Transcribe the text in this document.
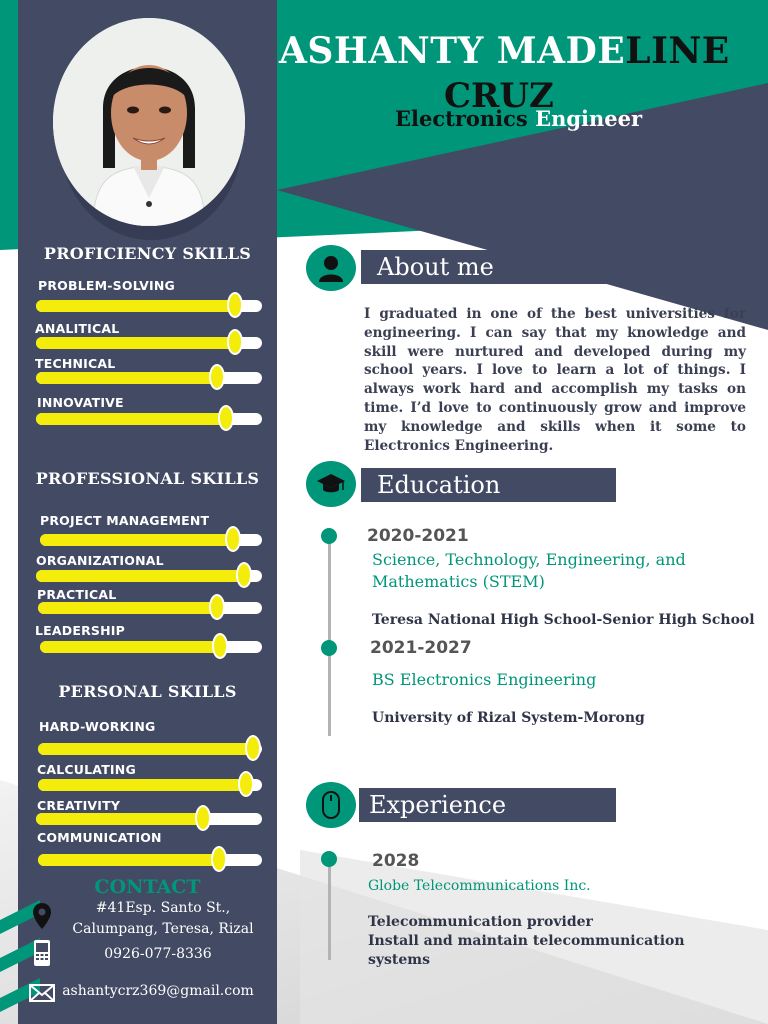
PROFICIENCY SKILLS
PROBLEM-SOLVING
ANALITICAL
TECHNICAL
INNOVATIVE
PROFESSIONAL SKILLS
PROJECT MANAGEMENT
ORGANIZATIONAL
PRACTICAL
LEADERSHIP
PERSONAL SKILLS
HARD-WORKING
CALCULATING
CREATIVITY
COMMUNICATION
CONTACT
#41Esp. Santo St.,
Calumpang, Teresa, Rizal
0926-077-8336
ashantycrz369@gmail.com
ASHANTY MADELINE
CRUZ
Electronics Engineer
About me
I graduated in one of the best universities for engineering. I can say that my knowledge and skill were nurtured and developed during my school years. I love to learn a lot of things. I always work hard and accomplish my tasks on time. I’d love to continuously grow and improve my knowledge and skills when it some to Electronics Engineering.
Education
2020-2021
Science, Technology, Engineering, and
Mathematics (STEM)
Teresa National High School-Senior High School
2021-2027
BS Electronics Engineering
University of Rizal System-Morong
Experience
2028
Globe Telecommunications Inc.
Telecommunication provider
Install and maintain telecommunication
systems
